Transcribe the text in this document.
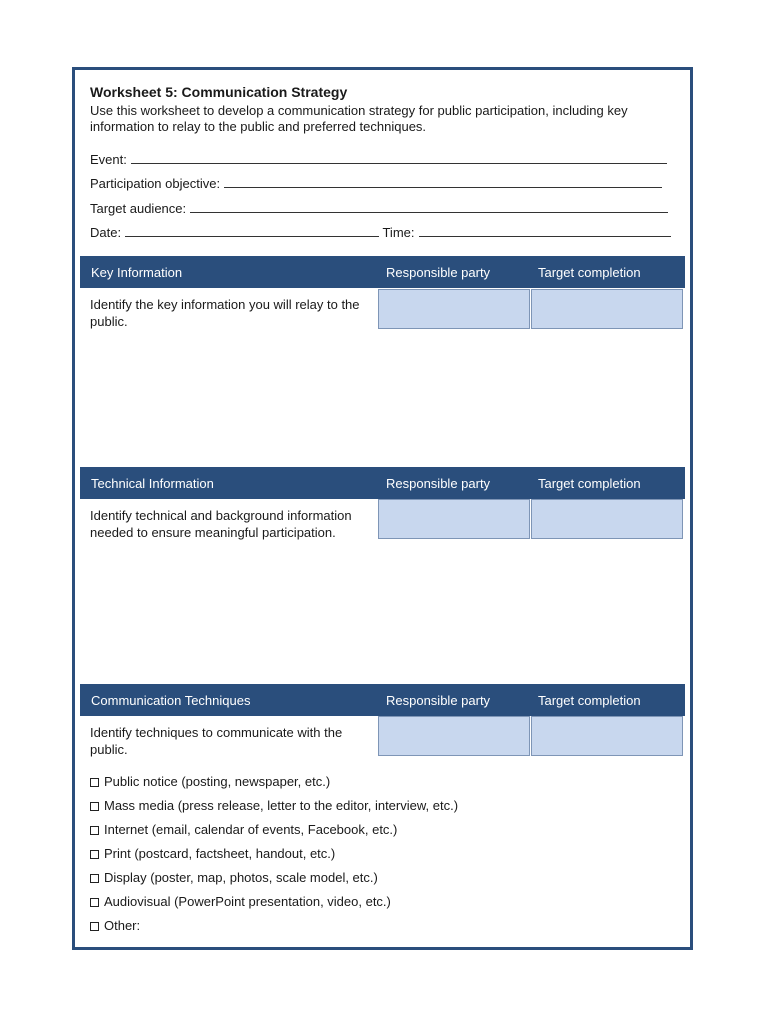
Worksheet 5: Communication Strategy

Use this worksheet to develop a communication strategy for public participation, including key information to relay to the public and preferred techniques.

Event:
Participation objective:
Target audience:
Date:	Time:
Key Information	Responsible party	Target completion

Identify the key information you will relay to the public.

Technical Information	Responsible party	Target completion

Identify technical and background information needed to ensure meaningful participation.

Communication Techniques	Responsible party	Target completion

Identify techniques to communicate with the public.

Public notice (posting, newspaper, etc.)
Mass media (press release, letter to the editor, interview, etc.)
Internet (email, calendar of events, Facebook, etc.)
Print (postcard, factsheet, handout, etc.)
Display (poster, map, photos, scale model, etc.)
Audiovisual (PowerPoint presentation, video, etc.)
Other:
